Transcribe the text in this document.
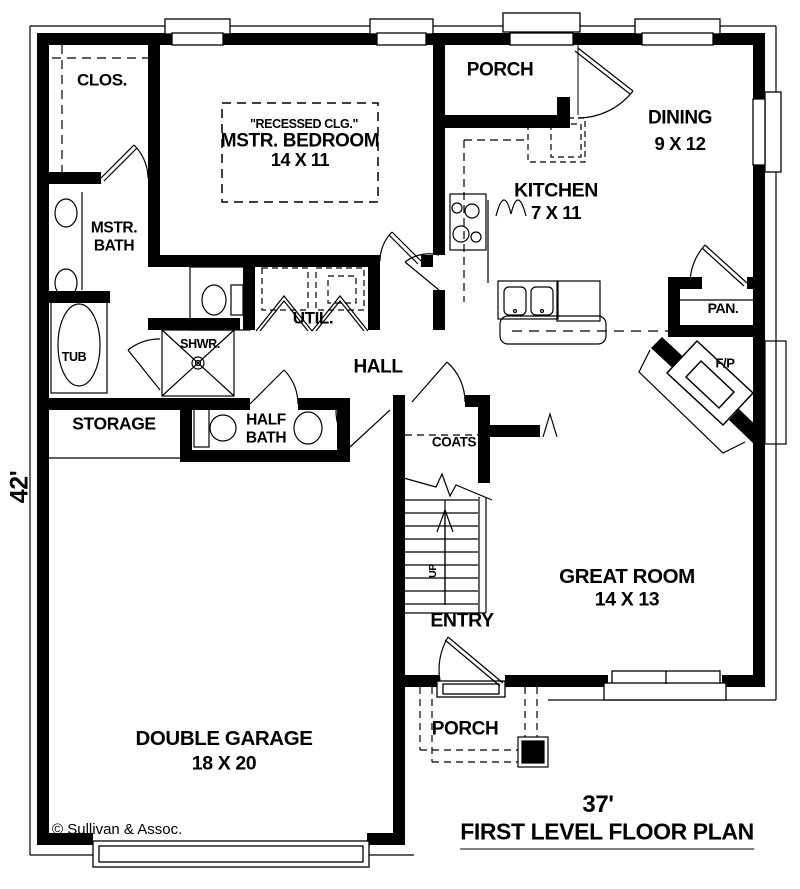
CLOS.
"RECESSED CLG."
MSTR. BEDROOM
14 X 11
PORCH
DINING
9 X 12
KITCHEN
7 X 11
MSTR.
BATH
TUB
SHWR.
UTIL.
HALL
PAN.
F/P
STORAGE	HALF
BATH	COATS
UP	GREAT ROOM
14 X 13
ENTRY
PORCH
DOUBLE GARAGE
18 X 20
42'
37'
FIRST LEVEL FLOOR PLAN
© Sullivan & Assoc.
